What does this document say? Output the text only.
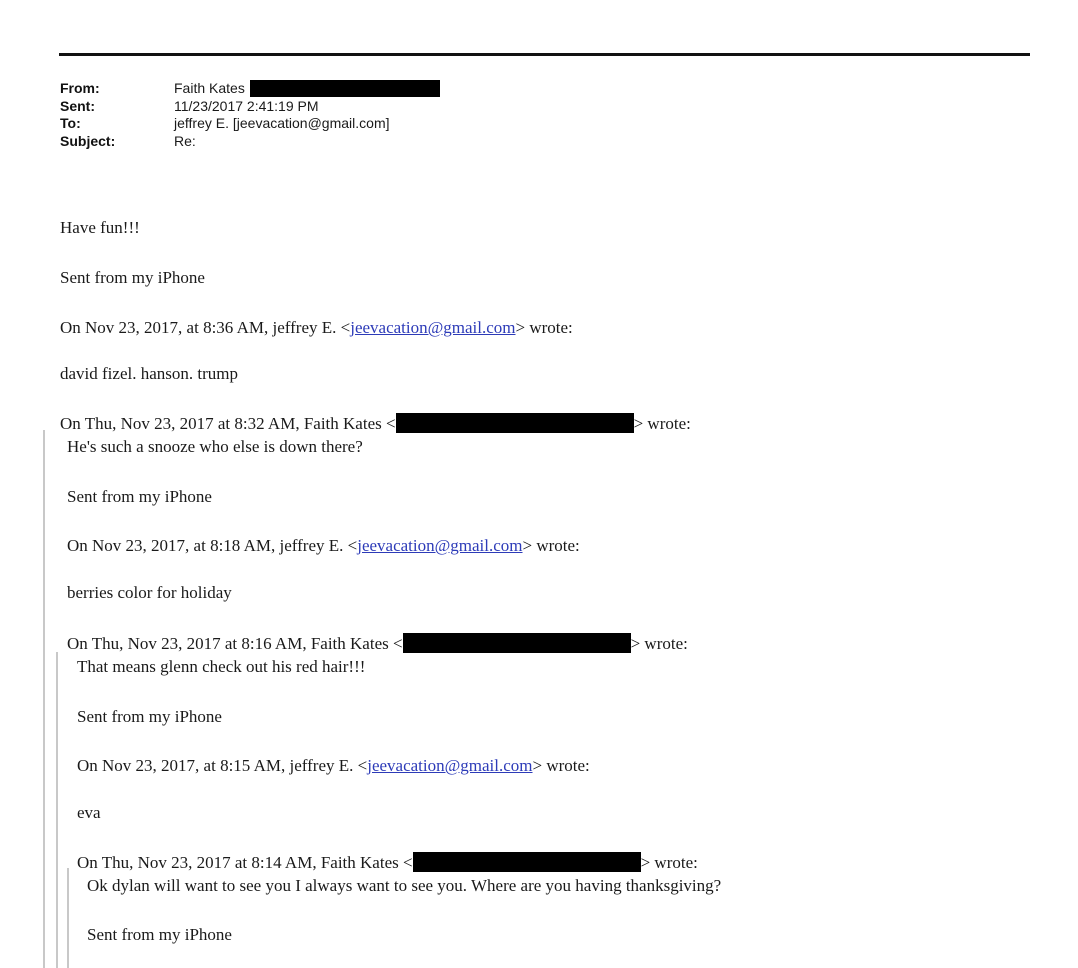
From:	Faith Kates
Sent:	11/23/2017 2:41:19 PM
To:	jeffrey E. [jeevacation@gmail.com]
Subject:	Re:
Have fun!!!
Sent from my iPhone
On Nov 23, 2017, at 8:36 AM, jeffrey E. <jeevacation@gmail.com> wrote:
david fizel. hanson. trump
On Thu, Nov 23, 2017 at 8:32 AM, Faith Kates <	> wrote:
He's such a snooze who else is down there?
Sent from my iPhone
On Nov 23, 2017, at 8:18 AM, jeffrey E. <jeevacation@gmail.com> wrote:
berries color for holiday
On Thu, Nov 23, 2017 at 8:16 AM, Faith Kates <	> wrote:
That means glenn check out his red hair!!!
Sent from my iPhone
On Nov 23, 2017, at 8:15 AM, jeffrey E. <jeevacation@gmail.com> wrote:
eva
On Thu, Nov 23, 2017 at 8:14 AM, Faith Kates <	> wrote:
Ok dylan will want to see you I always want to see you. Where are you having thanksgiving?
Sent from my iPhone
